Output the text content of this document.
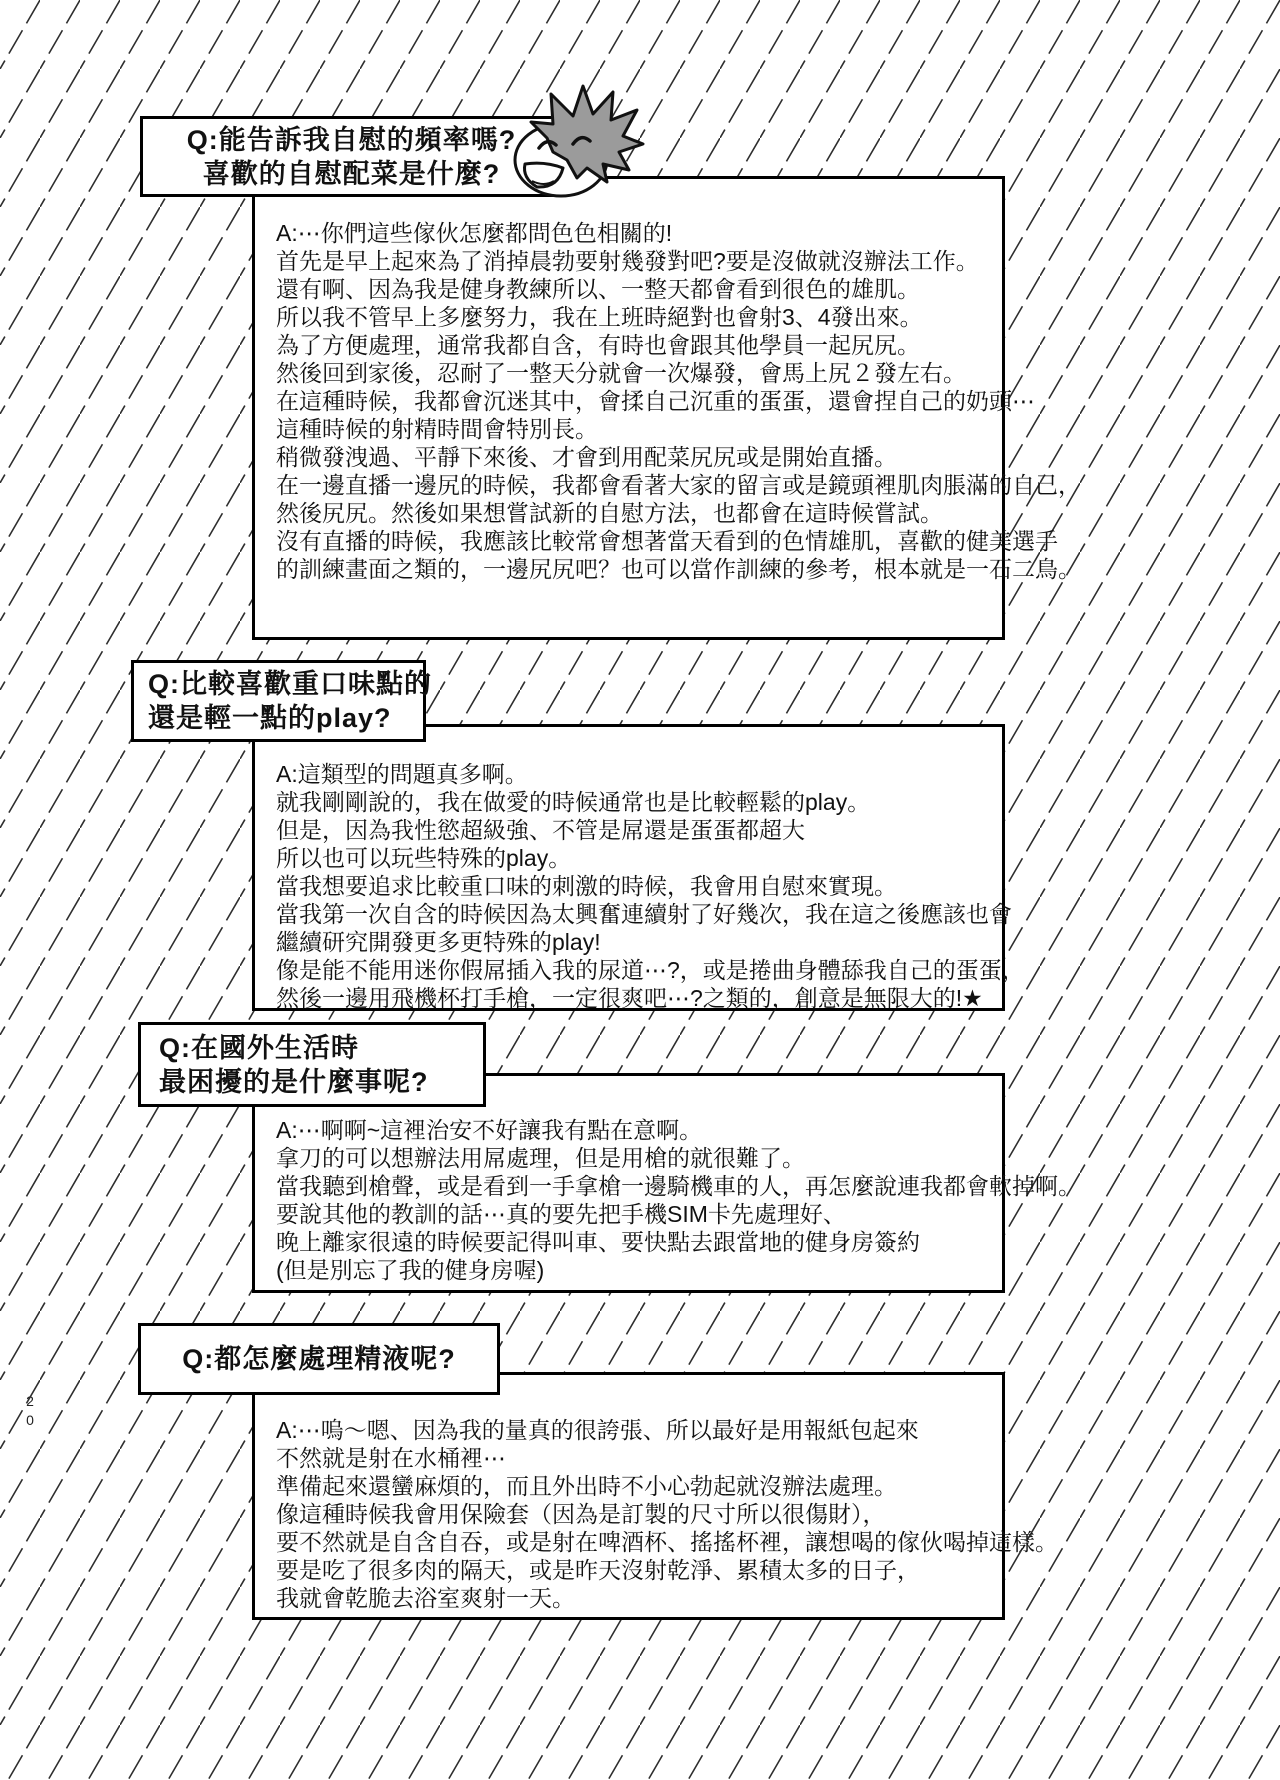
A:⋯你們這些傢伙怎麼都問色色相關的!
首先是早上起來為了消掉晨勃要射幾發對吧?要是沒做就沒辦法工作。
還有啊、因為我是健身教練所以、一整天都會看到很色的雄肌。
所以我不管早上多麼努力，我在上班時絕對也會射3、4發出來。
為了方便處理，通常我都自含，有時也會跟其他學員一起尻尻。
然後回到家後，忍耐了一整天分就會一次爆發，會馬上尻２發左右。
在這種時候，我都會沉迷其中，會揉自己沉重的蛋蛋，還會捏自己的奶頭⋯
這種時候的射精時間會特別長。
稍微發洩過、平靜下來後、才會到用配菜尻尻或是開始直播。
在一邊直播一邊尻的時候，我都會看著大家的留言或是鏡頭裡肌肉脹滿的自己，
然後尻尻。然後如果想嘗試新的自慰方法，也都會在這時候嘗試。
沒有直播的時候，我應該比較常會想著當天看到的色情雄肌，喜歡的健美選手
的訓練畫面之類的，一邊尻尻吧？也可以當作訓練的參考，根本就是一石二鳥。
Q:能告訴我自慰的頻率嗎?
喜歡的自慰配菜是什麼?
A:這類型的問題真多啊。
就我剛剛說的，我在做愛的時候通常也是比較輕鬆的play。
但是，因為我性慾超級強、不管是屌還是蛋蛋都超大
所以也可以玩些特殊的play。
當我想要追求比較重口味的刺激的時候，我會用自慰來實現。
當我第一次自含的時候因為太興奮連續射了好幾次，我在這之後應該也會
繼續研究開發更多更特殊的play!
像是能不能用迷你假屌插入我的尿道⋯?，或是捲曲身體舔我自己的蛋蛋，
然後一邊用飛機杯打手槍，一定很爽吧⋯?之類的，創意是無限大的!★
Q:比較喜歡重口味點的
還是輕一點的play?
A:⋯啊啊~這裡治安不好讓我有點在意啊。
拿刀的可以想辦法用屌處理，但是用槍的就很難了。
當我聽到槍聲，或是看到一手拿槍一邊騎機車的人，再怎麼說連我都會軟掉啊。
要說其他的教訓的話⋯真的要先把手機SIM卡先處理好、
晚上離家很遠的時候要記得叫車、要快點去跟當地的健身房簽約
(但是別忘了我的健身房喔)
Q:在國外生活時
最困擾的是什麼事呢?
A:⋯嗚〜嗯、因為我的量真的很誇張、所以最好是用報紙包起來
不然就是射在水桶裡⋯
準備起來還蠻麻煩的，而且外出時不小心勃起就沒辦法處理。
像這種時候我會用保險套（因為是訂製的尺寸所以很傷財），
要不然就是自含自吞，或是射在啤酒杯、搖搖杯裡，讓想喝的傢伙喝掉這樣。
要是吃了很多肉的隔天，或是昨天沒射乾淨、累積太多的日子，
我就會乾脆去浴室爽射一天。
Q:都怎麼處理精液呢?
20
